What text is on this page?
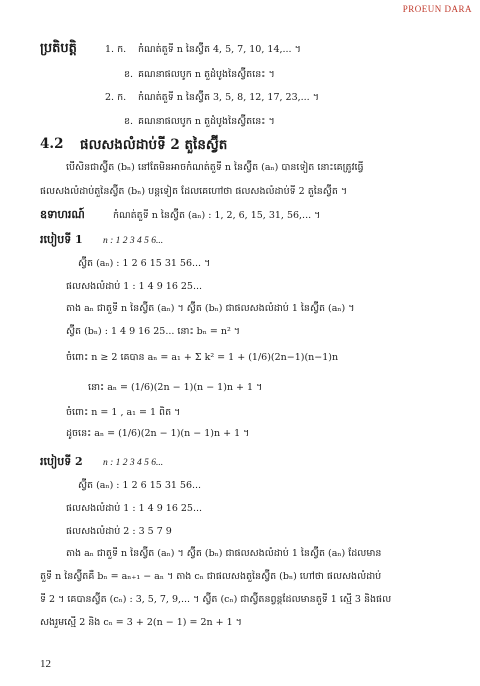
PROEUN DARA
ប្រតិបត្តិ	1. ក. កំណត់តួទី n នៃស្វ៊ីត 4, 5, 7, 10, 14,... ។
ខ. គណនាផលបូក n តួដំបូងនៃស្វ៊ីតនេះ ។
2. ក. កំណត់តួទី n នៃស្វ៊ីត 3, 5, 8, 12, 17, 23,... ។
ខ. គណនាផលបូក n តួដំបូងនៃស្វ៊ីតនេះ ។
4.2 ផលសងលំដាប់ទី 2 តួនៃស្វ៊ីត
បើសិនជាស្វ៊ីត (bₙ) នៅតែមិនអាចកំណត់តួទី n នៃស្វ៊ីត (aₙ) បានទៀត នោះគេត្រូវធ្វើ
ផលសងលំដាប់តួនៃស្វ៊ីត (bₙ) បន្តទៀត ដែលគេហៅថា ផលសងលំដាប់ទី 2 តួនៃស្វ៊ីត ។
ឧទាហរណ៍	កំណត់តួទី n នៃស្វ៊ីត (aₙ) : 1, 2, 6, 15, 31, 56,... ។
របៀបទី 1 n : 1 2 3 4 5 6...
ស្វ៊ីត (aₙ) : 1 2 6 15 31 56... ។
ផលសងលំដាប់ 1 : 1 4 9 16 25...
តាង aₙ ជាតួទី n នៃស្វ៊ីត (aₙ) ។ ស្វ៊ីត (bₙ) ជាផលសងលំដាប់ 1 នៃស្វ៊ីត (aₙ) ។
ស្វ៊ីត (bₙ) : 1 4 9 16 25... នោះ bₙ = n² ។
ចំពោះ n ≥ 2 គេបាន aₙ = a₁ + Σ k² = 1 + (1/6)(2n−1)(n−1)n
នោះ aₙ = (1/6)(2n − 1)(n − 1)n + 1 ។
ចំពោះ n = 1 , a₁ = 1 ពិត ។
ដូចនេះ aₙ = (1/6)(2n − 1)(n − 1)n + 1 ។
របៀបទី 2 n : 1 2 3 4 5 6...
ស្វ៊ីត (aₙ) : 1 2 6 15 31 56...
ផលសងលំដាប់ 1 : 1 4 9 16 25...
ផលសងលំដាប់ 2 : 3 5 7 9
តាង aₙ ជាតួទី n នៃស្វ៊ីត (aₙ) ។ ស្វ៊ីត (bₙ) ជាផលសងលំដាប់ 1 នៃស្វ៊ីត (aₙ) ដែលមាន
តួទី n នៃស្វ៊ីតគឺ bₙ = aₙ₊₁ − aₙ ។ តាង cₙ ជាផលសងតួនៃស្វ៊ីត (bₙ) ហៅថា ផលសងលំដាប់
ទី 2 ។ គេបានស្វ៊ីត (cₙ) : 3, 5, 7, 9,... ។ ស្វ៊ីត (cₙ) ជាស្វ៊ីតនព្វន្តដែលមានតួទី 1 ស្មើ 3 និងផល
សងរួមស្មើ 2 និង cₙ = 3 + 2(n − 1) = 2n + 1 ។
12
